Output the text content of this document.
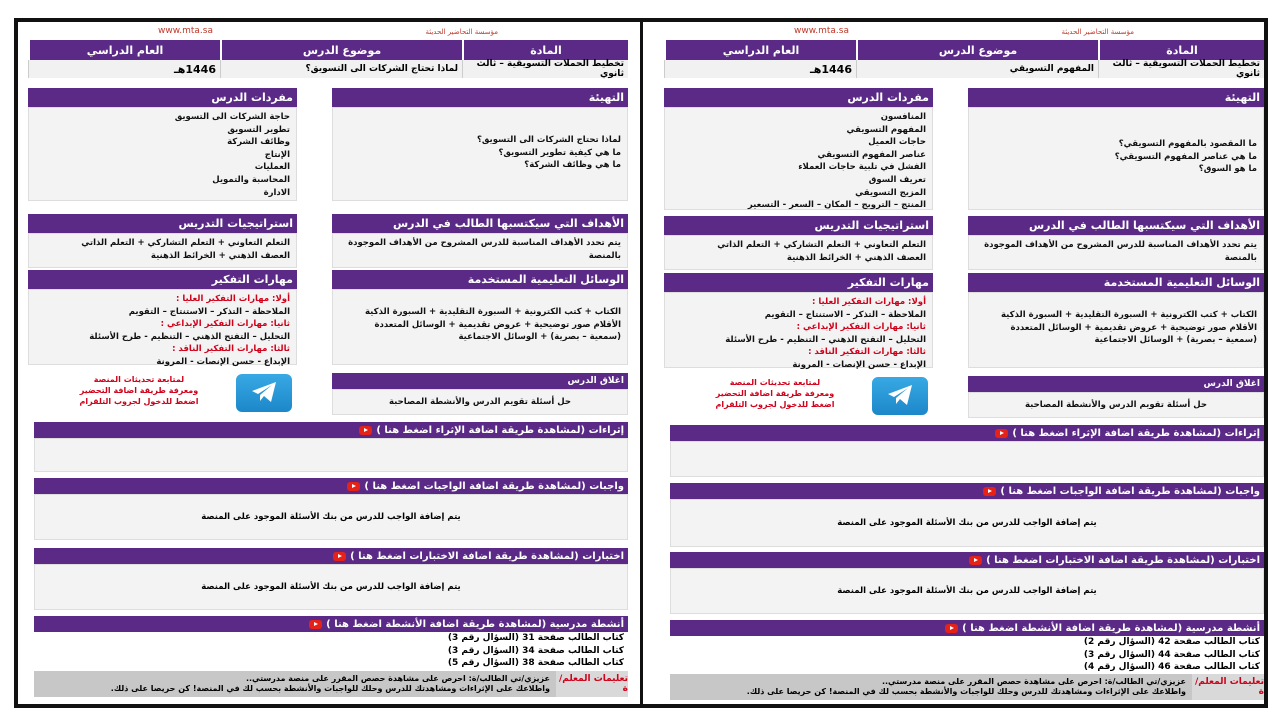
مؤسسة التحاضير الحديثة
www.mta.sa
المادة
موضوع الدرس
العام الدراسي
تخطيط الحملات التسويقية – ثالث ثانوي
لماذا تحتاج الشركات الى التسويق؟
1446هـ
التهيئة
لماذا تحتاج الشركات الى التسويق؟
ما هي كيفية تطوير التسويق؟
ما هي وظائف الشركة؟
مفردات الدرس
حاجة الشركات الى التسويق
تطوير التسويق
وظائف الشركة
الإنتاج
العمليات
المحاسبة والتمويل
الادارة
الأهداف التي سيكتسبها الطالب في الدرس
يتم تحدد الأهداف المناسبة للدرس المشروح من الأهداف الموجودة بالمنصة
استراتيجيات التدريس
التعلم التعاوني + التعلم التشاركي + التعلم الذاتي
العصف الذهني + الخرائط الذهنية
الوسائل التعليمية المستخدمة
الكتاب + كتب الكترونية + السبورة التقليدية + السبورة الذكية
الأقلام صور توضيحية + عروض تقديمية + الوسائل المتعددة
(سمعية – بصرية) + الوسائل الاجتماعية
مهارات التفكير
أولا: مهارات التفكير العليا :
الملاحظة – التذكر – الاستنتاج – التقويم
ثانيا: مهارات التفكير الإبداعي :
التحليل – التفتح الذهني – التنظيم - طرح الأسئلة
ثالثا: مهارات التفكير الناقد :
الإبداع - حسن الإنصات - المرونة
اغلاق الدرس
حل أسئلة تقويم الدرس والأنشطة المصاحبة
لمتابعة تحديثات المنصة
ومعرفة طريقة اضافة التحضير
اضغط للدخول لجروب التلقرام
إثراءات

(لمشاهدة طريقة اضافة الإثراء اضغط هنا )
واجبات

(لمشاهدة طريقة اضافة الواجبات اضغط هنا )
يتم إضافة الواجب للدرس من بنك الأسئلة الموجود على المنصة
اختبارات

(لمشاهدة طريقة اضافة الاختبارات اضغط هنا )
يتم إضافة الواجب للدرس من بنك الأسئلة الموجود على المنصة
أنشطة مدرسية

(لمشاهدة طريقة اضافة الأنشطة اضغط هنا )
كتاب الطالب صفحة 31 (السؤال رقم 3)
كتاب الطالب صفحة 34 (السؤال رقم 3)
كتاب الطالب صفحة 38 (السؤال رقم 5)
تعليمات المعلم/ة
عزيزي/تي الطالب/ة: احرص على مشاهدة حصص المقرر على منصة مدرستي..
واطلاعك على الإثراءات ومشاهدتك للدرس وحلك للواجبات والأنشطة بحسب لك في المنصة! كن حريصا على ذلك.
مؤسسة التحاضير الحديثة
www.mta.sa
المادة
موضوع الدرس
العام الدراسي
تخطيط الحملات التسويقية – ثالث ثانوي
المفهوم التسويقي
1446هـ
التهيئة
ما المقصود بالمفهوم التسويقي؟
ما هي عناصر المفهوم التسويقي؟
ما هو السوق؟
مفردات الدرس
المنافسون
المفهوم التسويقي
حاجات العميل
عناصر المفهوم التسويقي
الفشل في تلبية حاجات العملاء
تعريف السوق
المزيج التسويقي
المنتج – الترويج – المكان – السعر - التسعير
الأهداف التي سيكتسبها الطالب في الدرس
يتم تحدد الأهداف المناسبة للدرس المشروح من الأهداف الموجودة بالمنصة
استراتيجيات التدريس
التعلم التعاوني + التعلم التشاركي + التعلم الذاتي
العصف الذهني + الخرائط الذهنية
الوسائل التعليمية المستخدمة
الكتاب + كتب الكترونية + السبورة التقليدية + السبورة الذكية
الأقلام صور توضيحية + عروض تقديمية + الوسائل المتعددة
(سمعية – بصرية) + الوسائل الاجتماعية
مهارات التفكير
أولا: مهارات التفكير العليا :
الملاحظة – التذكر – الاستنتاج – التقويم
ثانيا: مهارات التفكير الإبداعي :
التحليل – التفتح الذهني – التنظيم - طرح الأسئلة
ثالثا: مهارات التفكير الناقد :
الإبداع - حسن الإنصات - المرونة
اغلاق الدرس
حل أسئلة تقويم الدرس والأنشطة المصاحبة
لمتابعة تحديثات المنصة
ومعرفة طريقة اضافة التحضير
اضغط للدخول لجروب التلقرام
إثراءات

(لمشاهدة طريقة اضافة الإثراء اضغط هنا )
واجبات

(لمشاهدة طريقة اضافة الواجبات اضغط هنا )
يتم إضافة الواجب للدرس من بنك الأسئلة الموجود على المنصة
اختبارات

(لمشاهدة طريقة اضافة الاختبارات اضغط هنا )
يتم إضافة الواجب للدرس من بنك الأسئلة الموجود على المنصة
أنشطة مدرسية

(لمشاهدة طريقة اضافة الأنشطة اضغط هنا )
كتاب الطالب صفحة 42 (السؤال رقم 2)
كتاب الطالب صفحة 44 (السؤال رقم 3)
كتاب الطالب صفحة 46 (السؤال رقم 4)
تعليمات المعلم/ة
عزيزي/تي الطالب/ة: احرص على مشاهدة حصص المقرر على منصة مدرستي..
واطلاعك على الإثراءات ومشاهدتك للدرس وحلك للواجبات والأنشطة بحسب لك في المنصة! كن حريصا على ذلك.
